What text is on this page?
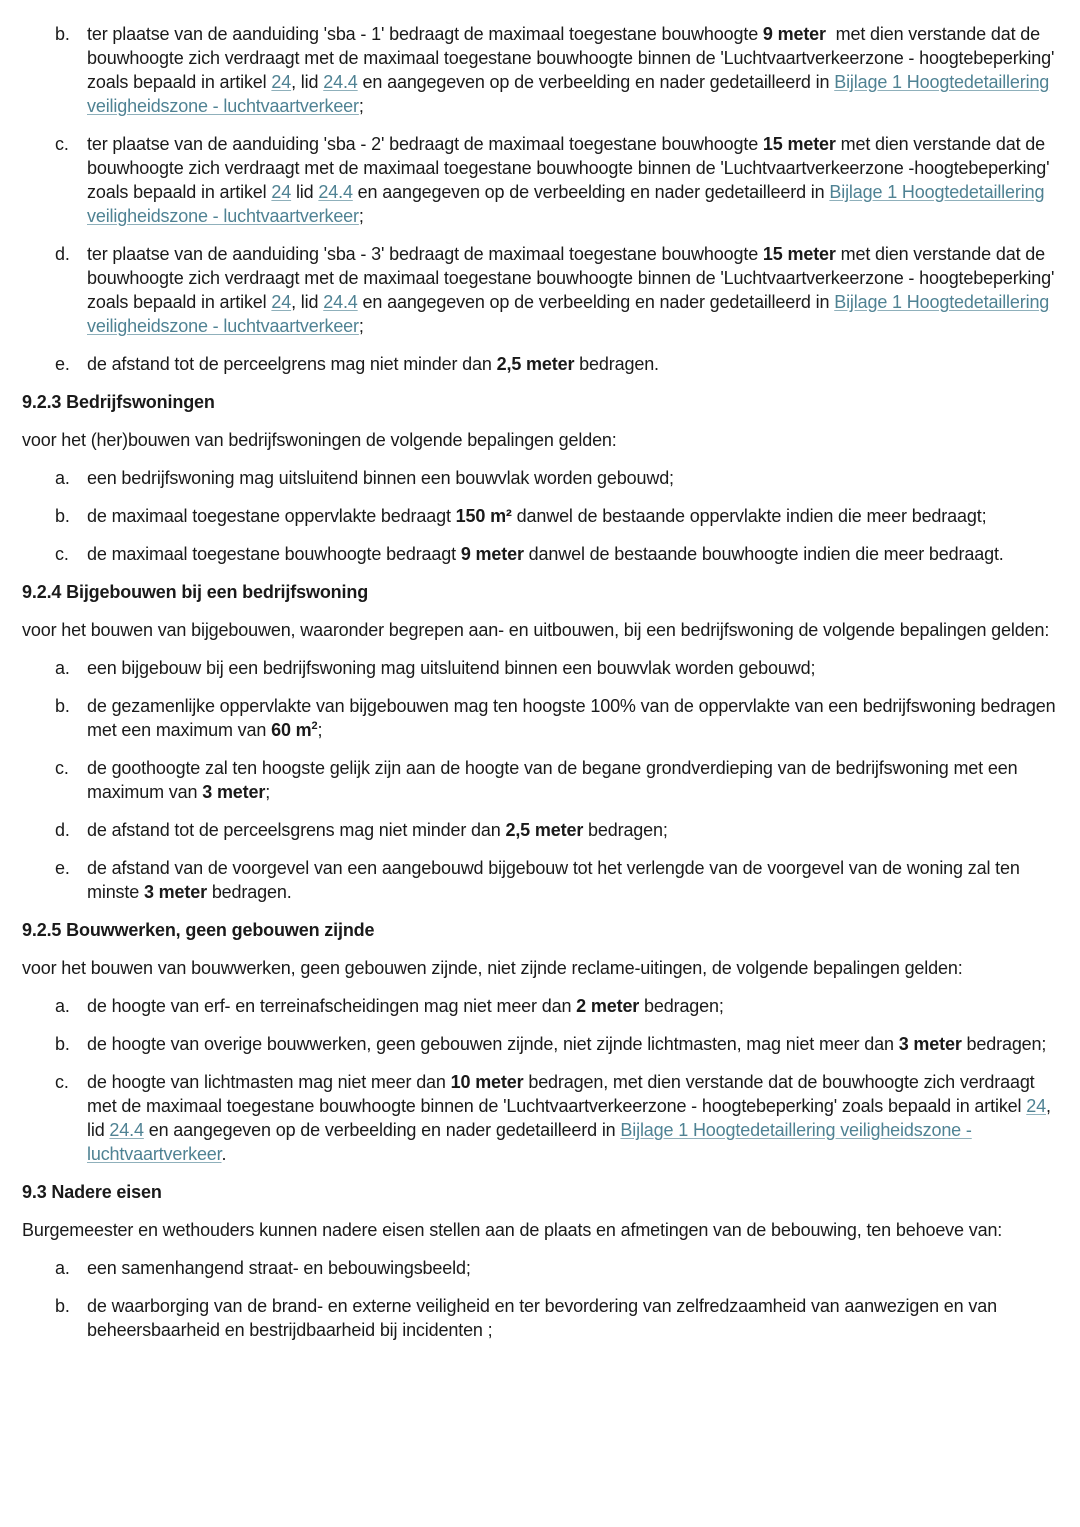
b. ter plaatse van de aanduiding 'sba - 1' bedraagt de maximaal toegestane bouwhoogte 9 meter  met dien verstande dat de bouwhoogte zich verdraagt met de maximaal toegestane bouwhoogte binnen de 'Luchtvaartverkeerzone - hoogtebeperking' zoals bepaald in artikel 24, lid 24.4 en aangegeven op de verbeelding en nader gedetailleerd in Bijlage 1 Hoogtedetaillering veiligheidszone - luchtvaartverkeer;
c. ter plaatse van de aanduiding 'sba - 2' bedraagt de maximaal toegestane bouwhoogte 15 meter met dien verstande dat de bouwhoogte zich verdraagt met de maximaal toegestane bouwhoogte binnen de 'Luchtvaartverkeerzone -hoogtebeperking' zoals bepaald in artikel 24 lid 24.4 en aangegeven op de verbeelding en nader gedetailleerd in Bijlage 1 Hoogtedetaillering veiligheidszone - luchtvaartverkeer;
d. ter plaatse van de aanduiding 'sba - 3' bedraagt de maximaal toegestane bouwhoogte 15 meter met dien verstande dat de bouwhoogte zich verdraagt met de maximaal toegestane bouwhoogte binnen de 'Luchtvaartverkeerzone - hoogtebeperking' zoals bepaald in artikel 24, lid 24.4 en aangegeven op de verbeelding en nader gedetailleerd in Bijlage 1 Hoogtedetaillering veiligheidszone - luchtvaartverkeer;
e. de afstand tot de perceelgrens mag niet minder dan 2,5 meter bedragen.
9.2.3 Bedrijfswoningen
voor het (her)bouwen van bedrijfswoningen de volgende bepalingen gelden:
a. een bedrijfswoning mag uitsluitend binnen een bouwvlak worden gebouwd;
b. de maximaal toegestane oppervlakte bedraagt 150 m² danwel de bestaande oppervlakte indien die meer bedraagt;
c. de maximaal toegestane bouwhoogte bedraagt 9 meter danwel de bestaande bouwhoogte indien die meer bedraagt.
9.2.4 Bijgebouwen bij een bedrijfswoning
voor het bouwen van bijgebouwen, waaronder begrepen aan- en uitbouwen, bij een bedrijfswoning de volgende bepalingen gelden:
a. een bijgebouw bij een bedrijfswoning mag uitsluitend binnen een bouwvlak worden gebouwd;
b. de gezamenlijke oppervlakte van bijgebouwen mag ten hoogste 100% van de oppervlakte van een bedrijfswoning bedragen met een maximum van 60 $m^2$;
c. de goothoogte zal ten hoogste gelijk zijn aan de hoogte van de begane grondverdieping van de bedrijfswoning met een maximum van 3 meter;
d. de afstand tot de perceelsgrens mag niet minder dan 2,5 meter bedragen;
e. de afstand van de voorgevel van een aangebouwd bijgebouw tot het verlengde van de voorgevel van de woning zal ten minste 3 meter bedragen.
9.2.5 Bouwwerken, geen gebouwen zijnde
voor het bouwen van bouwwerken, geen gebouwen zijnde, niet zijnde reclame-uitingen, de volgende bepalingen gelden:
a. de hoogte van erf- en terreinafscheidingen mag niet meer dan 2 meter bedragen;
b. de hoogte van overige bouwwerken, geen gebouwen zijnde, niet zijnde lichtmasten, mag niet meer dan 3 meter bedragen;
c. de hoogte van lichtmasten mag niet meer dan 10 meter bedragen, met dien verstande dat de bouwhoogte zich verdraagt met de maximaal toegestane bouwhoogte binnen de 'Luchtvaartverkeerzone - hoogtebeperking' zoals bepaald in artikel 24, lid 24.4 en aangegeven op de verbeelding en nader gedetailleerd in Bijlage 1 Hoogtedetaillering veiligheidszone - luchtvaartverkeer.
9.3 Nadere eisen
Burgemeester en wethouders kunnen nadere eisen stellen aan de plaats en afmetingen van de bebouwing, ten behoeve van:
a. een samenhangend straat- en bebouwingsbeeld;
b. de waarborging van de brand- en externe veiligheid en ter bevordering van zelfredzaamheid van aanwezigen en van beheersbaarheid en bestrijdbaarheid bij incidenten ;
